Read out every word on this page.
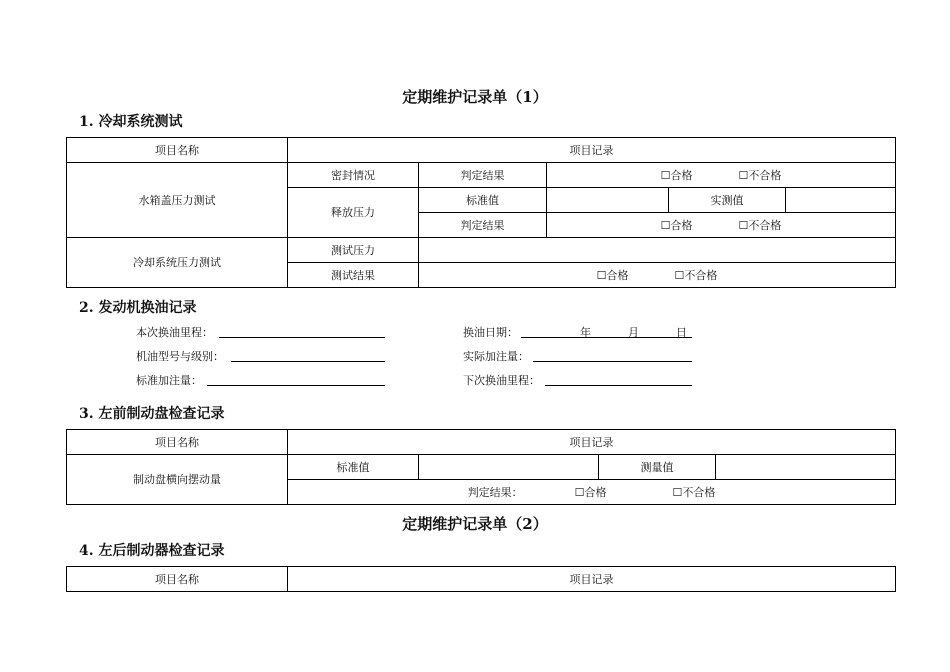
定期维护记录单（1）
1. 冷却系统测试
项目名称	项目记录				
水箱盖压力测试	密封情况	判定结果	☐合格 ☐不合格		
	释放压力	标准值		实测值	
		判定结果	☐合格 ☐不合格		
冷却系统压力测试	测试压力				
	测试结果	☐合格 ☐不合格			
2. 发动机换油记录
本次换油里程：	换油日期：	年	月	日
机油型号与级别：	实际加注量：
标准加注量：	下次换油里程：
3. 左前制动盘检查记录
项目名称	项目记录			
制动盘横向摆动量	标准值		测量值	
	判定结果： ☐合格 ☐不合格			
定期维护记录单（2）
4. 左后制动器检查记录
项目名称	项目记录
